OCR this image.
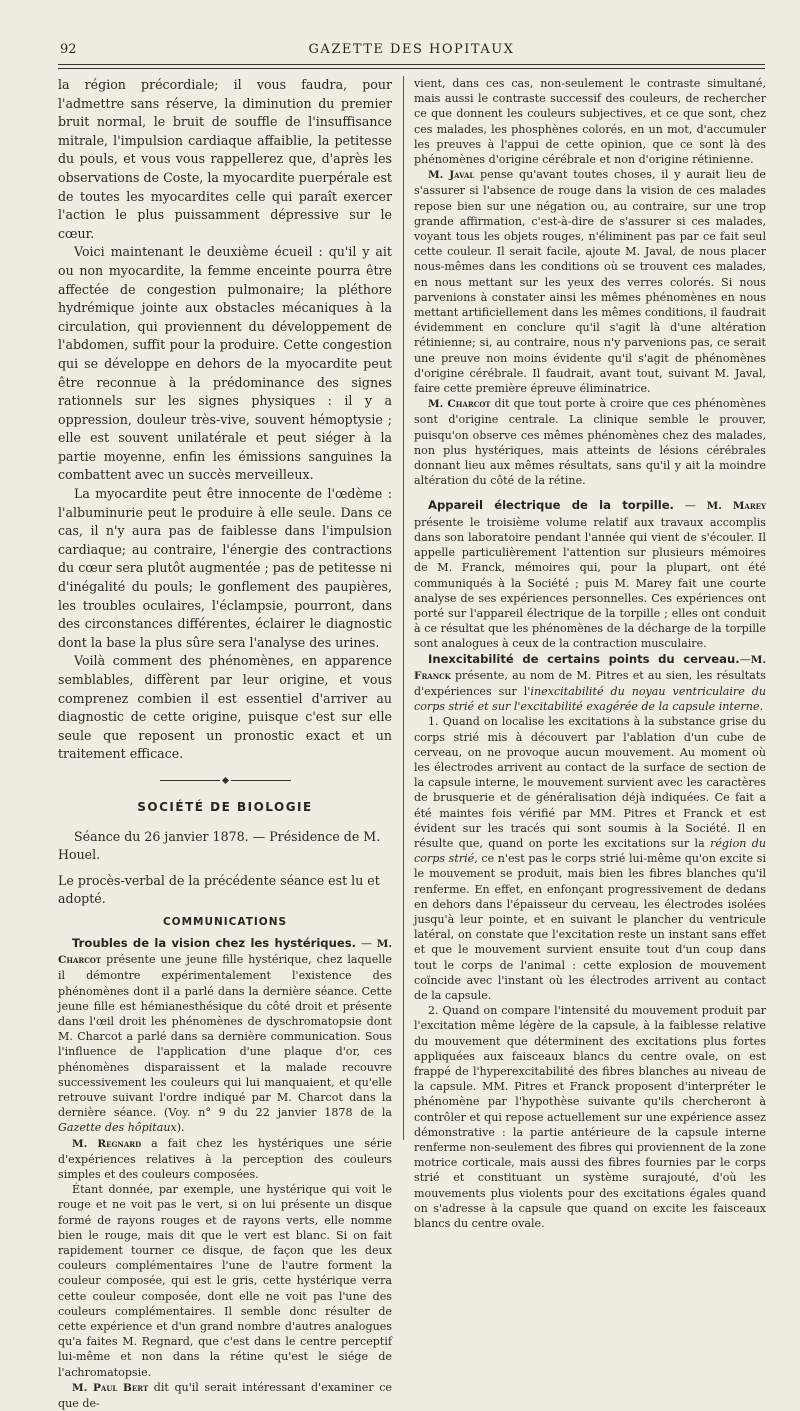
92	GAZETTE DES HOPITAUX

la région précordiale; il vous faudra, pour l'admettre sans réserve, la diminution du premier bruit normal, le bruit de souffle de l'insuffisance mitrale, l'impulsion cardiaque affaiblie, la petitesse du pouls, et vous vous rappellerez que, d'après les observations de Coste, la myocardite puerpérale est de toutes les myocardites celle qui paraît exercer l'action le plus puissamment dépressive sur le cœur.

Voici maintenant le deuxième écueil : qu'il y ait ou non myocardite, la femme enceinte pourra être affectée de congestion pulmonaire; la pléthore hydrémique jointe aux obstacles mécaniques à la circulation, qui proviennent du développement de l'abdomen, suffit pour la produire. Cette congestion qui se développe en dehors de la myocardite peut être reconnue à la prédominance des signes rationnels sur les signes physiques : il y a oppression, douleur très-vive, souvent hémoptysie ; elle est souvent unilatérale et peut siéger à la partie moyenne, enfin les émissions sanguines la combattent avec un succès merveilleux.

La myocardite peut être innocente de l'œdème : l'albuminurie peut le produire à elle seule. Dans ce cas, il n'y aura pas de faiblesse dans l'impulsion cardiaque; au contraire, l'énergie des contractions du cœur sera plutôt augmentée ; pas de petitesse ni d'inégalité du pouls; le gonflement des paupières, les troubles oculaires, l'éclampsie, pourront, dans des circonstances différentes, éclairer le diagnostic dont la base la plus sûre sera l'analyse des urines.

Voilà comment des phénomènes, en apparence semblables, diffèrent par leur origine, et vous comprenez combien il est essentiel d'arriver au diagnostic de cette origine, puisque c'est sur elle seule que reposent un pronostic exact et un traitement efficace.

SOCIÉTÉ DE BIOLOGIE
Séance du 26 janvier 1878. — Présidence de M. Houel.
Le procès-verbal de la précédente séance est lu et adopté.
COMMUNICATIONS

Troubles de la vision chez les hystériques. — M. Charcot présente une jeune fille hystérique, chez laquelle il démontre expérimentalement l'existence des phénomènes dont il a parlé dans la dernière séance. Cette jeune fille est hémianesthésique du côté droit et présente dans l'œil droit les phénomènes de dyschromatopsie dont M. Charcot a parlé dans sa dernière communication. Sous l'influence de l'application d'une plaque d'or, ces phénomènes disparaissent et la malade recouvre successivement les couleurs qui lui manquaient, et qu'elle retrouve suivant l'ordre indiqué par M. Charcot dans la dernière séance. (Voy. n° 9 du 22 janvier 1878 de la Gazette des hôpitaux).

M. Regnard a fait chez les hystériques une série d'expériences relatives à la perception des couleurs simples et des couleurs composées.

Étant donnée, par exemple, une hystérique qui voit le rouge et ne voit pas le vert, si on lui présente un disque formé de rayons rouges et de rayons verts, elle nomme bien le rouge, mais dit que le vert est blanc. Si on fait rapidement tourner ce disque, de façon que les deux couleurs complémentaires l'une de l'autre forment la couleur composée, qui est le gris, cette hystérique verra cette couleur composée, dont elle ne voit pas l'une des couleurs complémentaires. Il semble donc résulter de cette expérience et d'un grand nombre d'autres analogues qu'a faites M. Regnard, que c'est dans le centre perceptif lui-même et non dans la rétine qu'est le siége de l'achromatopsie.

M. Paul Bert dit qu'il serait intéressant d'examiner ce que de-

vient, dans ces cas, non-seulement le contraste simultané, mais aussi le contraste successif des couleurs, de rechercher ce que donnent les couleurs subjectives, et ce que sont, chez ces malades, les phosphènes colorés, en un mot, d'accumuler les preuves à l'appui de cette opinion, que ce sont là des phénomènes d'origine cérébrale et non d'origine rétinienne.

M. Javal pense qu'avant toutes choses, il y aurait lieu de s'assurer si l'absence de rouge dans la vision de ces malades repose bien sur une négation ou, au contraire, sur une trop grande affirmation, c'est-à-dire de s'assurer si ces malades, voyant tous les objets rouges, n'éliminent pas par ce fait seul cette couleur. Il serait facile, ajoute M. Javal, de nous placer nous-mêmes dans les conditions où se trouvent ces malades, en nous mettant sur les yeux des verres colorés. Si nous parvenions à constater ainsi les mêmes phénomènes en nous mettant artificiellement dans les mêmes conditions, il faudrait évidemment en conclure qu'il s'agit là d'une altération rétinienne; si, au contraire, nous n'y parvenions pas, ce serait une preuve non moins évidente qu'il s'agit de phénomènes d'origine cérébrale. Il faudrait, avant tout, suivant M. Javal, faire cette première épreuve éliminatrice.

M. Charcot dit que tout porte à croire que ces phénomènes sont d'origine centrale. La clinique semble le prouver, puisqu'on observe ces mêmes phénomènes chez des malades, non plus hystériques, mais atteints de lésions cérébrales donnant lieu aux mêmes résultats, sans qu'il y ait la moindre altération du côté de la rétine.

Appareil électrique de la torpille. — M. Marey présente le troisième volume relatif aux travaux accomplis dans son laboratoire pendant l'année qui vient de s'écouler. Il appelle particulièrement l'attention sur plusieurs mémoires de M. Franck, mémoires qui, pour la plupart, ont été communiqués à la Société ; puis M. Marey fait une courte analyse de ses expériences personnelles. Ces expériences ont porté sur l'appareil électrique de la torpille ; elles ont conduit à ce résultat que les phénomènes de la décharge de la torpille sont analogues à ceux de la contraction musculaire.

Inexcitabilité de certains points du cerveau.—M. Franck présente, au nom de M. Pitres et au sien, les résultats d'expériences sur l'inexcitabilité du noyau ventriculaire du corps strié et sur l'excitabilité exagérée de la capsule interne.

1. Quand on localise les excitations à la substance grise du corps strié mis à découvert par l'ablation d'un cube de cerveau, on ne provoque aucun mouvement. Au moment où les électrodes arrivent au contact de la surface de section de la capsule interne, le mouvement survient avec les caractères de brusquerie et de généralisation déjà indiquées. Ce fait a été maintes fois vérifié par MM. Pitres et Franck et est évident sur les tracés qui sont soumis à la Société. Il en résulte que, quand on porte les excitations sur la région du corps strié, ce n'est pas le corps strié lui-même qu'on excite si le mouvement se produit, mais bien les fibres blanches qu'il renferme. En effet, en enfonçant progressivement de dedans en dehors dans l'épaisseur du cerveau, les électrodes isolées jusqu'à leur pointe, et en suivant le plancher du ventricule latéral, on constate que l'excitation reste un instant sans effet et que le mouvement survient ensuite tout d'un coup dans tout le corps de l'animal : cette explosion de mouvement coïncide avec l'instant où les électrodes arrivent au contact de la capsule.

2. Quand on compare l'intensité du mouvement produit par l'excitation même légère de la capsule, à la faiblesse relative du mouvement que déterminent des excitations plus fortes appliquées aux faisceaux blancs du centre ovale, on est frappé de l'hyperexcitabilité des fibres blanches au niveau de la capsule. MM. Pitres et Franck proposent d'interpréter le phénomène par l'hypothèse suivante qu'ils chercheront à contrôler et qui repose actuellement sur une expérience assez démonstrative : la partie antérieure de la capsule interne renferme non-seulement des fibres qui proviennent de la zone motrice corticale, mais aussi des fibres fournies par le corps strié et constituant un système surajouté, d'où les mouvements plus violents pour des excitations égales quand on s'adresse à la capsule que quand on excite les faisceaux blancs du centre ovale.
